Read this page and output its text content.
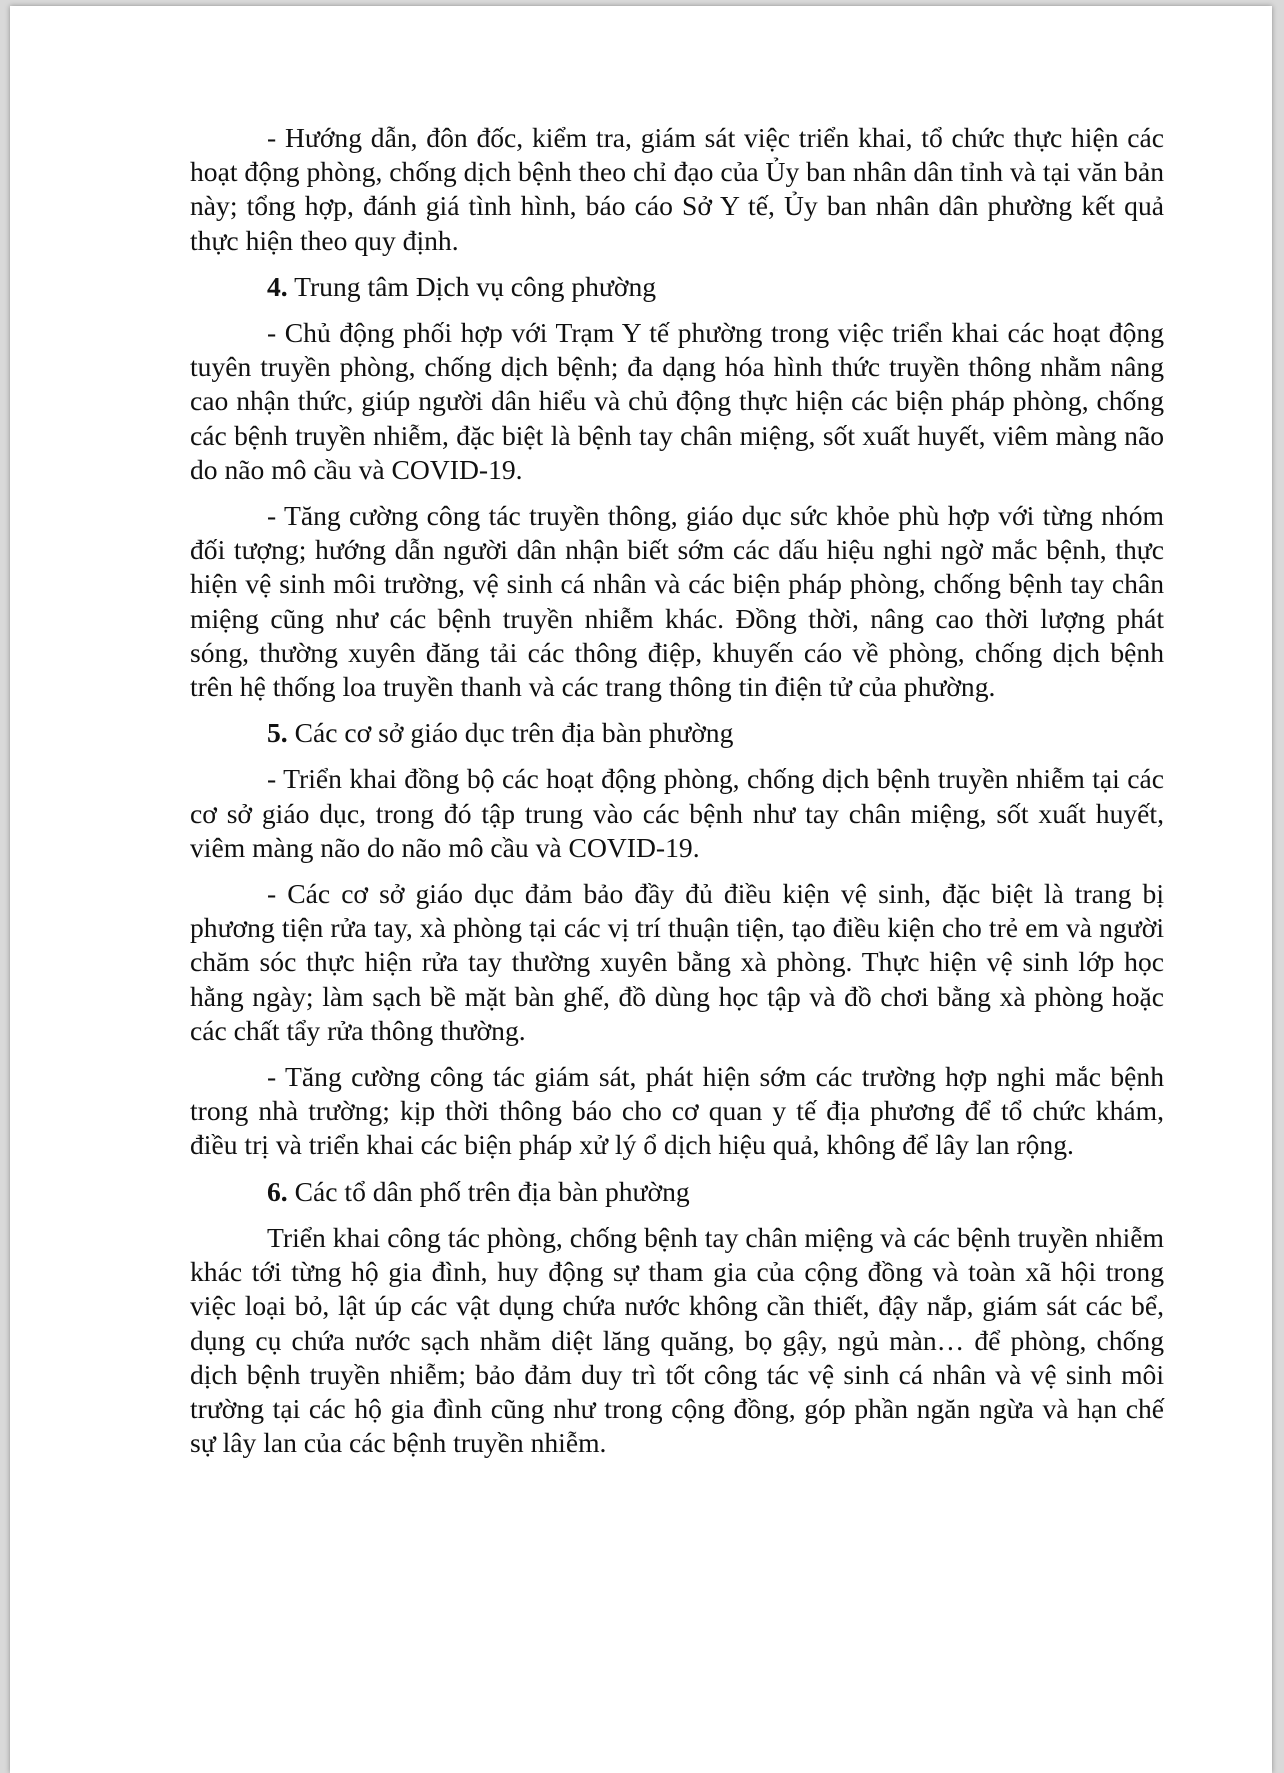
- Hướng dẫn, đôn đốc, kiểm tra, giám sát việc triển khai, tổ chức thực hiện các hoạt động phòng, chống dịch bệnh theo chỉ đạo của Ủy ban nhân dân tỉnh và tại văn bản này; tổng hợp, đánh giá tình hình, báo cáo Sở Y tế, Ủy ban nhân dân phường kết quả thực hiện theo quy định.

4. Trung tâm Dịch vụ công phường

- Chủ động phối hợp với Trạm Y tế phường trong việc triển khai các hoạt động tuyên truyền phòng, chống dịch bệnh; đa dạng hóa hình thức truyền thông nhằm nâng cao nhận thức, giúp người dân hiểu và chủ động thực hiện các biện pháp phòng, chống các bệnh truyền nhiễm, đặc biệt là bệnh tay chân miệng, sốt xuất huyết, viêm màng não do não mô cầu và COVID-19.

- Tăng cường công tác truyền thông, giáo dục sức khỏe phù hợp với từng nhóm đối tượng; hướng dẫn người dân nhận biết sớm các dấu hiệu nghi ngờ mắc bệnh, thực hiện vệ sinh môi trường, vệ sinh cá nhân và các biện pháp phòng, chống bệnh tay chân miệng cũng như các bệnh truyền nhiễm khác. Đồng thời, nâng cao thời lượng phát sóng, thường xuyên đăng tải các thông điệp, khuyến cáo về phòng, chống dịch bệnh trên hệ thống loa truyền thanh và các trang thông tin điện tử của phường.

5. Các cơ sở giáo dục trên địa bàn phường

- Triển khai đồng bộ các hoạt động phòng, chống dịch bệnh truyền nhiễm tại các cơ sở giáo dục, trong đó tập trung vào các bệnh như tay chân miệng, sốt xuất huyết, viêm màng não do não mô cầu và COVID-19.

- Các cơ sở giáo dục đảm bảo đầy đủ điều kiện vệ sinh, đặc biệt là trang bị phương tiện rửa tay, xà phòng tại các vị trí thuận tiện, tạo điều kiện cho trẻ em và người chăm sóc thực hiện rửa tay thường xuyên bằng xà phòng. Thực hiện vệ sinh lớp học hằng ngày; làm sạch bề mặt bàn ghế, đồ dùng học tập và đồ chơi bằng xà phòng hoặc các chất tẩy rửa thông thường.

- Tăng cường công tác giám sát, phát hiện sớm các trường hợp nghi mắc bệnh trong nhà trường; kịp thời thông báo cho cơ quan y tế địa phương để tổ chức khám, điều trị và triển khai các biện pháp xử lý ổ dịch hiệu quả, không để lây lan rộng.

6. Các tổ dân phố trên địa bàn phường

Triển khai công tác phòng, chống bệnh tay chân miệng và các bệnh truyền nhiễm khác tới từng hộ gia đình, huy động sự tham gia của cộng đồng và toàn xã hội trong việc loại bỏ, lật úp các vật dụng chứa nước không cần thiết, đậy nắp, giám sát các bể, dụng cụ chứa nước sạch nhằm diệt lăng quăng, bọ gậy, ngủ màn… để phòng, chống dịch bệnh truyền nhiễm; bảo đảm duy trì tốt công tác vệ sinh cá nhân và vệ sinh môi trường tại các hộ gia đình cũng như trong cộng đồng, góp phần ngăn ngừa và hạn chế sự lây lan của các bệnh truyền nhiễm.
